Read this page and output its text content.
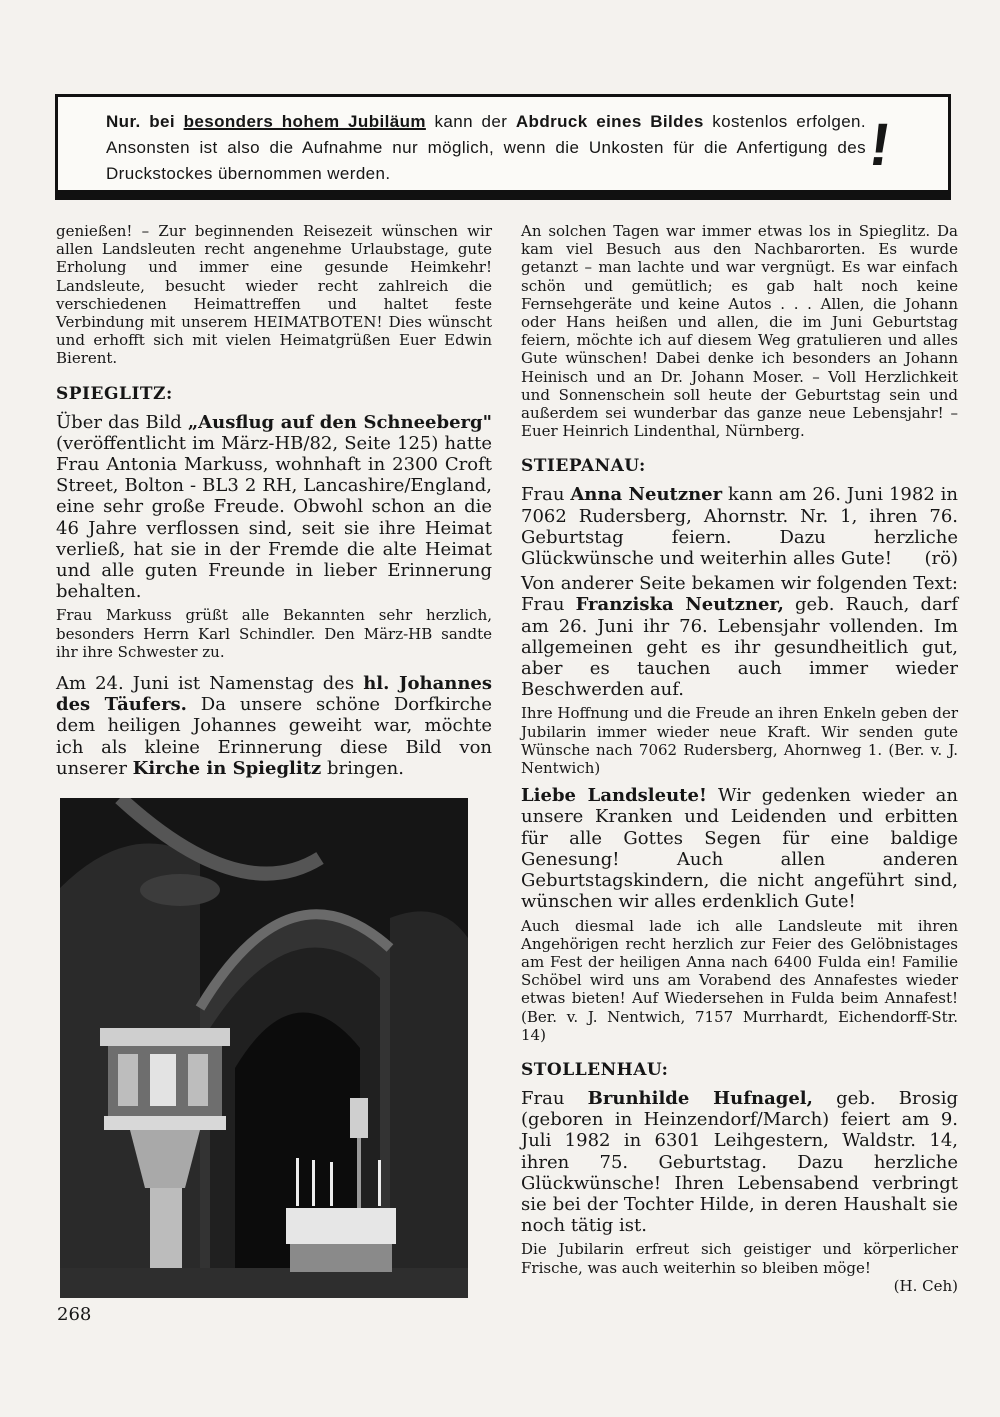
Nur. bei besonders hohem Jubiläum kann der Abdruck eines Bildes kostenlos erfolgen. Ansonsten ist also die Aufnahme nur möglich, wenn die Unkosten für die Anfertigung des Druckstockes übernommen werden.	!

genießen! – Zur beginnenden Reisezeit wünschen wir allen Landsleuten recht angenehme Urlaubstage, gute Erholung und immer eine gesunde Heimkehr! Landsleute, besucht wieder recht zahlreich die verschiedenen Heimattreffen und haltet feste Verbindung mit unserem HEIMATBOTEN! Dies wünscht und erhofft sich mit vielen Heimatgrüßen Euer Edwin Bierent.

SPIEGLITZ:

Über das Bild „Ausflug auf den Schneeberg" (veröffentlicht im März-HB/82, Seite 125) hatte Frau Antonia Markuss, wohnhaft in 2300 Croft Street, Bolton - BL3 2 RH, Lancashire/England, eine sehr große Freude. Obwohl schon an die 46 Jahre verflossen sind, seit sie ihre Heimat verließ, hat sie in der Fremde die alte Heimat und alle guten Freunde in lieber Erinnerung behalten.

Frau Markuss grüßt alle Bekannten sehr herzlich, besonders Herrn Karl Schindler. Den März-HB sandte ihr ihre Schwester zu.

Am 24. Juni ist Namenstag des hl. Johannes des Täufers. Da unsere schöne Dorfkirche dem heiligen Johannes geweiht war, möchte ich als kleine Erinnerung diese Bild von unserer Kirche in Spieglitz bringen.

An solchen Tagen war immer etwas los in Spieglitz. Da kam viel Besuch aus den Nachbarorten. Es wurde getanzt – man lachte und war vergnügt. Es war einfach schön und gemütlich; es gab halt noch keine Fernsehgeräte und keine Autos . . . Allen, die Johann oder Hans heißen und allen, die im Juni Geburtstag feiern, möchte ich auf diesem Weg gratulieren und alles Gute wünschen! Dabei denke ich besonders an Johann Heinisch und an Dr. Johann Moser. – Voll Herzlichkeit und Sonnenschein soll heute der Geburtstag sein und außerdem sei wunderbar das ganze neue Lebensjahr! – Euer Heinrich Lindenthal, Nürnberg.

STIEPANAU:

Frau Anna Neutzner kann am 26. Juni 1982 in 7062 Rudersberg, Ahornstr. Nr. 1, ihren 76. Geburtstag feiern. Dazu herzliche Glückwünsche und weiterhin alles Gute! (rö)

Von anderer Seite bekamen wir folgenden Text: Frau Franziska Neutzner, geb. Rauch, darf am 26. Juni ihr 76. Lebensjahr vollenden. Im allgemeinen geht es ihr gesundheitlich gut, aber es tauchen auch immer wieder Beschwerden auf.

Ihre Hoffnung und die Freude an ihren Enkeln geben der Jubilarin immer wieder neue Kraft. Wir senden gute Wünsche nach 7062 Rudersberg, Ahornweg 1. (Ber. v. J. Nentwich)

Liebe Landsleute! Wir gedenken wieder an unsere Kranken und Leidenden und erbitten für alle Gottes Segen für eine baldige Genesung! Auch allen anderen Geburtstagskindern, die nicht angeführt sind, wünschen wir alles erdenklich Gute!

Auch diesmal lade ich alle Landsleute mit ihren Angehörigen recht herzlich zur Feier des Gelöbnistages am Fest der heiligen Anna nach 6400 Fulda ein! Familie Schöbel wird uns am Vorabend des Annafestes wieder etwas bieten! Auf Wiedersehen in Fulda beim Annafest! (Ber. v. J. Nentwich, 7157 Murrhardt, Eichendorff-Str. 14)

STOLLENHAU:

Frau Brunhilde Hufnagel, geb. Brosig (geboren in Heinzendorf/March) feiert am 9. Juli 1982 in 6301 Leihgestern, Waldstr. 14, ihren 75. Geburtstag. Dazu herzliche Glückwünsche! Ihren Lebensabend verbringt sie bei der Tochter Hilde, in deren Haushalt sie noch tätig ist.

Die Jubilarin erfreut sich geistiger und körperlicher Frische, was auch weiterhin so bleiben möge!

(H. Ceh)

268
